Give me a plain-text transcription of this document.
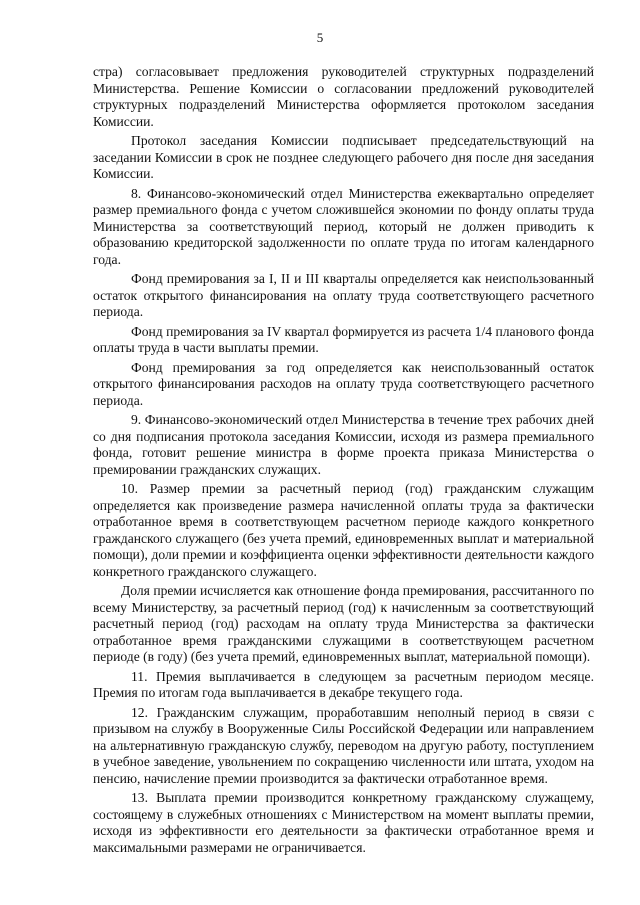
5

стра) согласовывает предложения руководителей структурных подразделений Министерства. Решение Комиссии о согласовании предложений руководителей структурных подразделений Министерства оформляется протоколом заседания Комиссии.

Протокол заседания Комиссии подписывает председательствующий на заседании Комиссии в срок не позднее следующего рабочего дня после дня заседания Комиссии.

8. Финансово-экономический отдел Министерства ежеквартально определяет размер премиального фонда с учетом сложившейся экономии по фонду оплаты труда Министерства за соответствующий период, который не должен приводить к образованию кредиторской задолженности по оплате труда по итогам календарного года.

Фонд премирования за I, II и III кварталы определяется как неиспользованный остаток открытого финансирования на оплату труда соответствующего расчетного периода.

Фонд премирования за IV квартал формируется из расчета 1/4 планового фонда оплаты труда в части выплаты премии.

Фонд премирования за год определяется как неиспользованный остаток открытого финансирования расходов на оплату труда соответствующего расчетного периода.

9. Финансово-экономический отдел Министерства в течение трех рабочих дней со дня подписания протокола заседания Комиссии, исходя из размера премиального фонда, готовит решение министра в форме проекта приказа Министерства о премировании гражданских служащих.

10. Размер премии за расчетный период (год) гражданским служащим определяется как произведение размера начисленной оплаты труда за фактически отработанное время в соответствующем расчетном периоде каждого конкретного гражданского служащего (без учета премий, единовременных выплат и материальной помощи), доли премии и коэффициента оценки эффективности деятельности каждого конкретного гражданского служащего.

Доля премии исчисляется как отношение фонда премирования, рассчитанного по всему Министерству, за расчетный период (год) к начисленным за соответствующий расчетный период (год) расходам на оплату труда Министерства за фактически отработанное время гражданскими служащими в соответствующем расчетном периоде (в году) (без учета премий, единовременных выплат, материальной помощи).

11. Премия выплачивается в следующем за расчетным периодом месяце. Премия по итогам года выплачивается в декабре текущего года.

12. Гражданским служащим, проработавшим неполный период в связи с призывом на службу в Вооруженные Силы Российской Федерации или направлением на альтернативную гражданскую службу, переводом на другую работу, поступлением в учебное заведение, увольнением по сокращению численности или штата, уходом на пенсию, начисление премии производится за фактически отработанное время.

13. Выплата премии производится конкретному гражданскому служащему, состоящему в служебных отношениях с Министерством на момент выплаты премии, исходя из эффективности его деятельности за фактически отработанное время и максимальными размерами не ограничивается.
